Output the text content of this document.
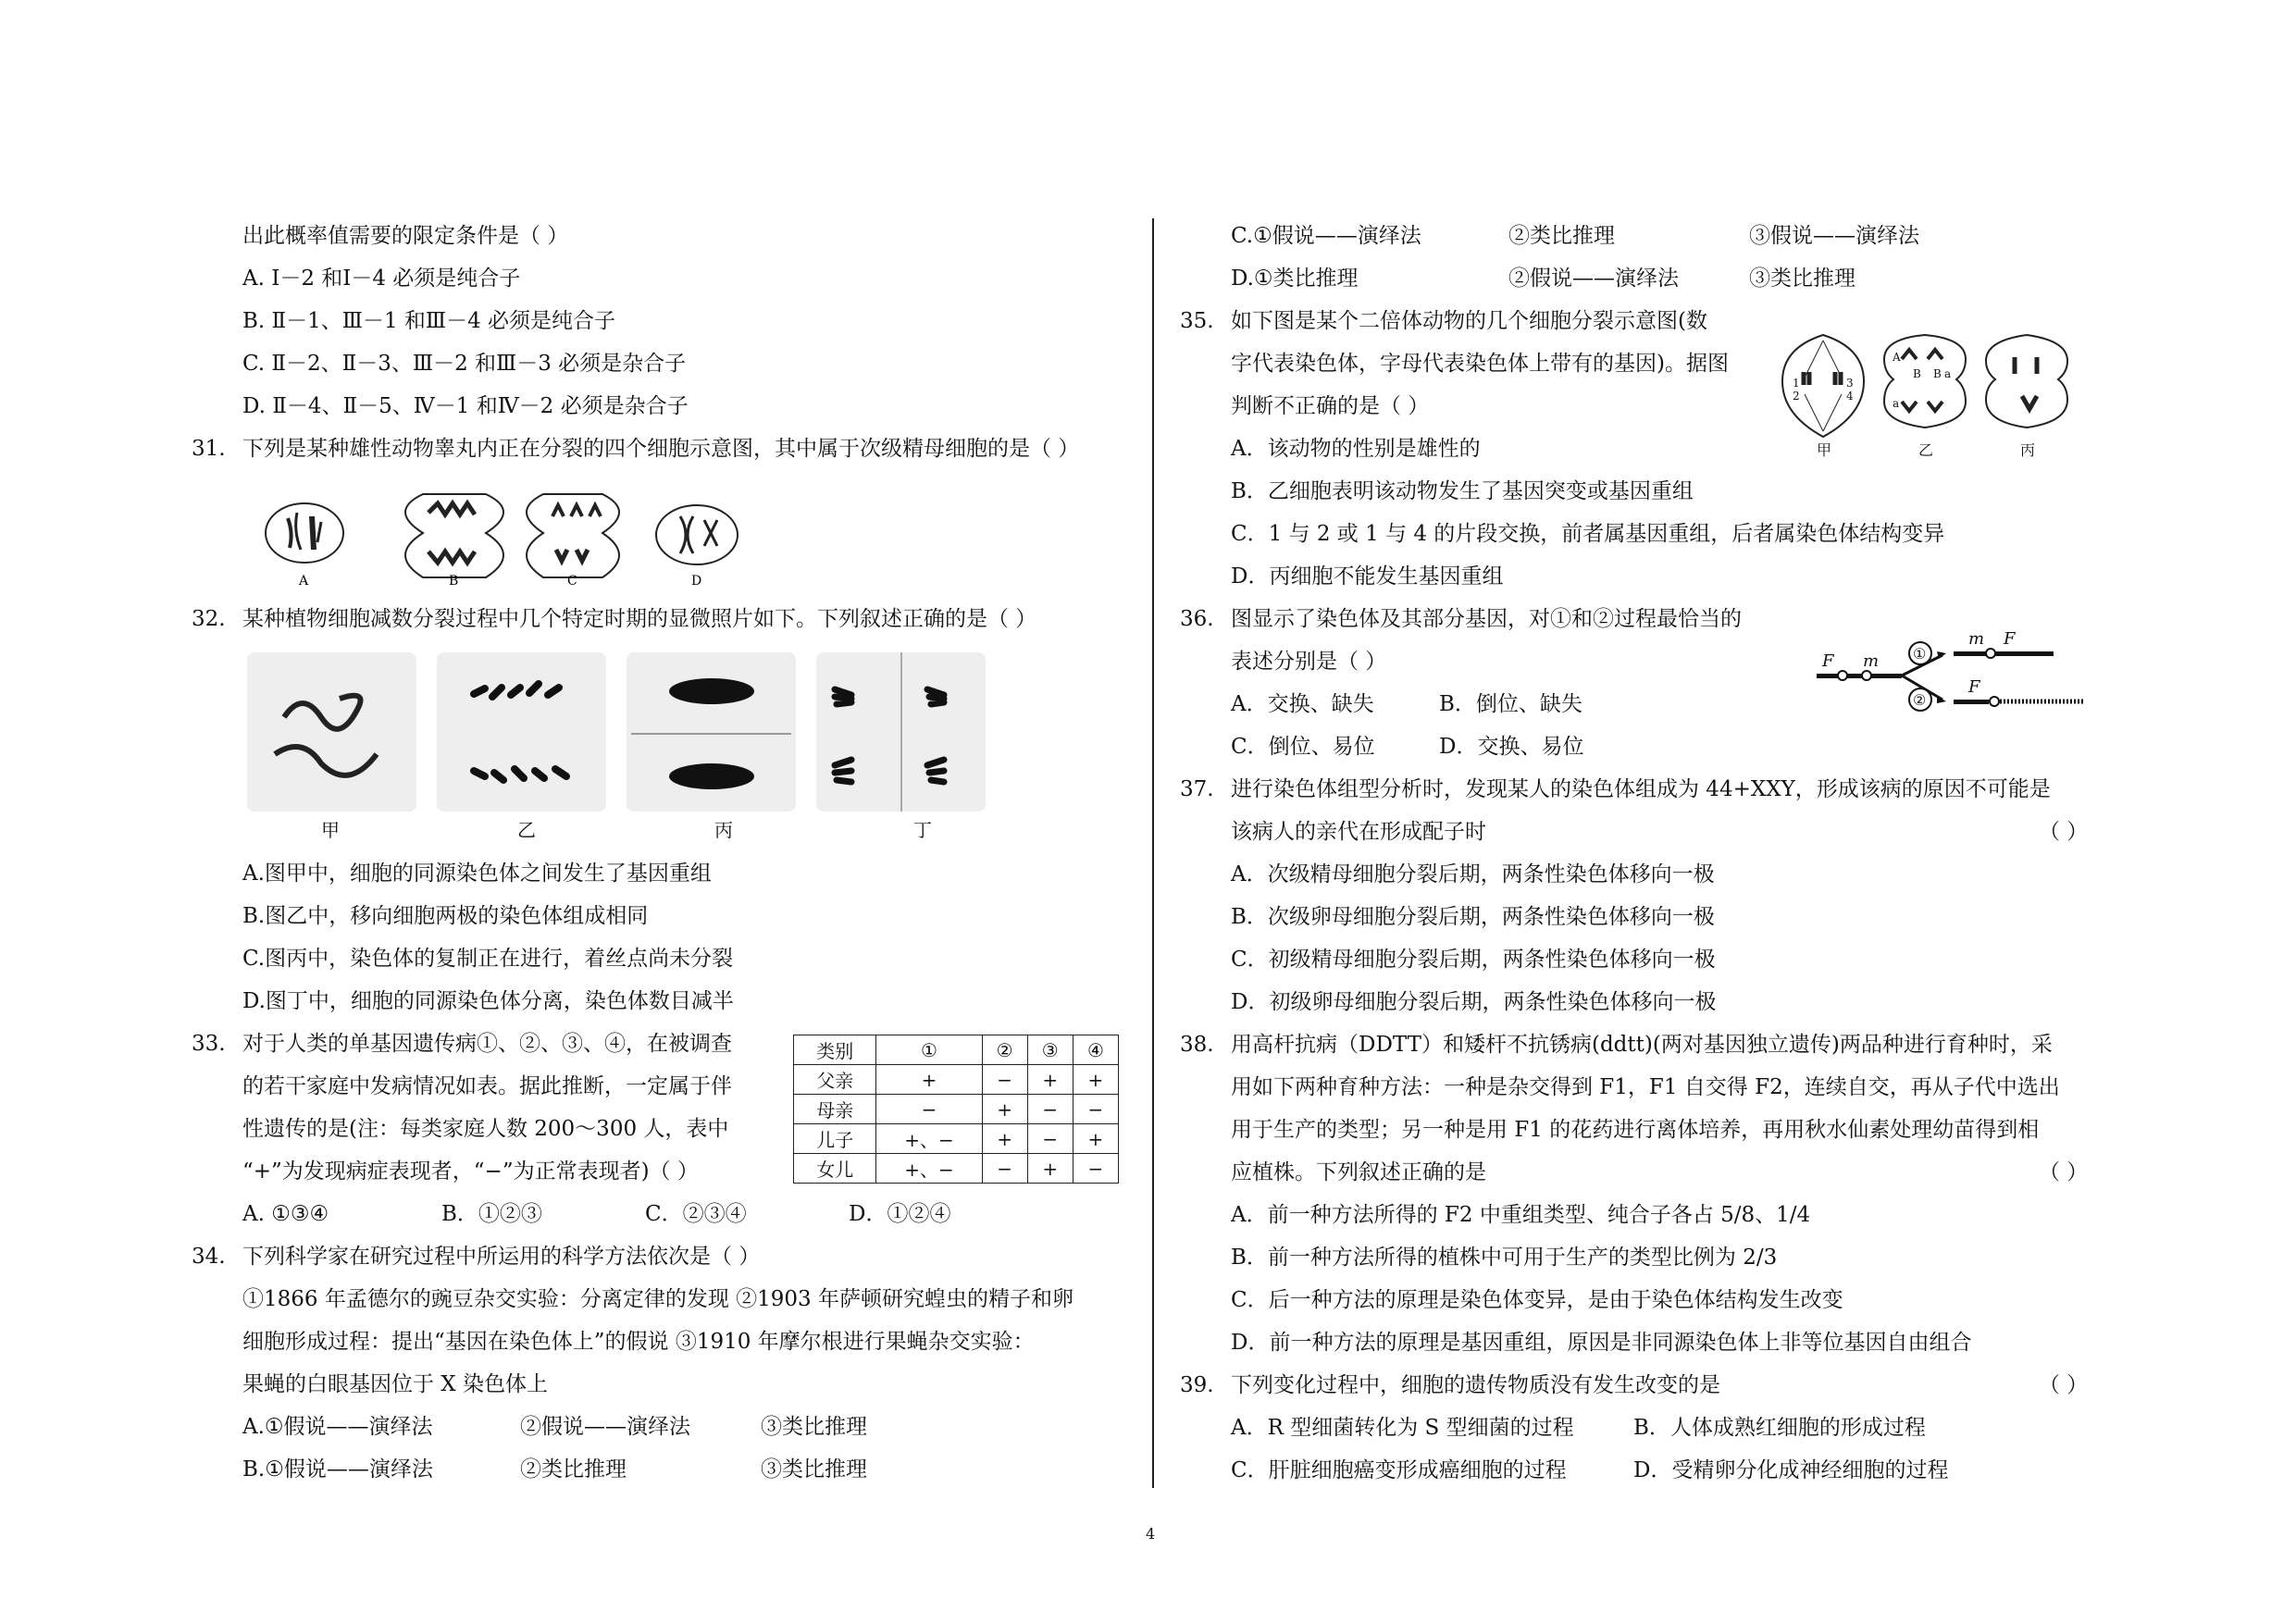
出此概率值需要的限定条件是（ ）
A. Ⅰ－2 和Ⅰ－4 必须是纯合子
B. Ⅱ－1、Ⅲ－1 和Ⅲ－4 必须是纯合子
C. Ⅱ－2、Ⅱ－3、Ⅲ－2 和Ⅲ－3 必须是杂合子
D. Ⅱ－4、Ⅱ－5、Ⅳ－1 和Ⅳ－2 必须是杂合子
31. 下列是某种雄性动物睾丸内正在分裂的四个细胞示意图，其中属于次级精母细胞的是（ ）
A	B	C	D
32. 某种植物细胞减数分裂过程中几个特定时期的显微照片如下。下列叙述正确的是（ ）
甲	乙	丙	丁
A.图甲中，细胞的同源染色体之间发生了基因重组
B.图乙中，移向细胞两极的染色体组成相同
C.图丙中，染色体的复制正在进行，着丝点尚未分裂
D.图丁中，细胞的同源染色体分离，染色体数目减半
33. 对于人类的单基因遗传病①、②、③、④，在被调查
的若干家庭中发病情况如表。据此推断，一定属于伴
性遗传的是(注：每类家庭人数 200～300 人，表中
“+”为发现病症表现者，“−”为正常表现者)（ ）
类别	①	②	③	④
父亲	+	−	+	+
母亲	−	+	−	−
儿子	+、−	+	−	+
女儿	+、−	−	+	−
A. ①③④	B．①②③	C．②③④	D．①②④
34. 下列科学家在研究过程中所运用的科学方法依次是（ ）
①1866 年孟德尔的豌豆杂交实验：分离定律的发现 ②1903 年萨顿研究蝗虫的精子和卵
细胞形成过程：提出“基因在染色体上”的假说 ③1910 年摩尔根进行果蝇杂交实验：
果蝇的白眼基因位于 X 染色体上
A.①假说——演绎法	②假说——演绎法	③类比推理
B.①假说——演绎法	②类比推理	③类比推理
C.①假说——演绎法	②类比推理	③假说——演绎法
D.①类比推理	②假说——演绎法	③类比推理
35. 如下图是某个二倍体动物的几个细胞分裂示意图(数
字代表染色体，字母代表染色体上带有的基因)。据图
判断不正确的是（ ）
1
2
3
4
A
B B a
a
甲	乙	丙
A．该动物的性别是雄性的
B．乙细胞表明该动物发生了基因突变或基因重组
C．1 与 2 或 1 与 4 的片段交换，前者属基因重组，后者属染色体结构变异
D．丙细胞不能发生基因重组
36. 图显示了染色体及其部分基因，对①和②过程最恰当的
表述分别是（ ）
A．交换、缺失	B．倒位、缺失
C．倒位、易位	D．交换、易位
F m
m F
F
①
②
37. 进行染色体组型分析时，发现某人的染色体组成为 44+XXY，形成该病的原因不可能是
该病人的亲代在形成配子时	（ ）
A．次级精母细胞分裂后期，两条性染色体移向一极
B．次级卵母细胞分裂后期，两条性染色体移向一极
C．初级精母细胞分裂后期，两条性染色体移向一极
D．初级卵母细胞分裂后期，两条性染色体移向一极
38. 用高杆抗病（DDTT）和矮杆不抗锈病(ddtt)(两对基因独立遗传)两品种进行育种时，采
用如下两种育种方法：一种是杂交得到 F1，F1 自交得 F2，连续自交，再从子代中选出
用于生产的类型；另一种是用 F1 的花药进行离体培养，再用秋水仙素处理幼苗得到相
应植株。下列叙述正确的是	（ ）
A．前一种方法所得的 F2 中重组类型、纯合子各占 5/8、1/4
B．前一种方法所得的植株中可用于生产的类型比例为 2/3
C．后一种方法的原理是染色体变异，是由于染色体结构发生改变
D．前一种方法的原理是基因重组，原因是非同源染色体上非等位基因自由组合
39. 下列变化过程中，细胞的遗传物质没有发生改变的是	（ ）
A．R 型细菌转化为 S 型细菌的过程	B．人体成熟红细胞的形成过程
C．肝脏细胞癌变形成癌细胞的过程	D．受精卵分化成神经细胞的过程
4
